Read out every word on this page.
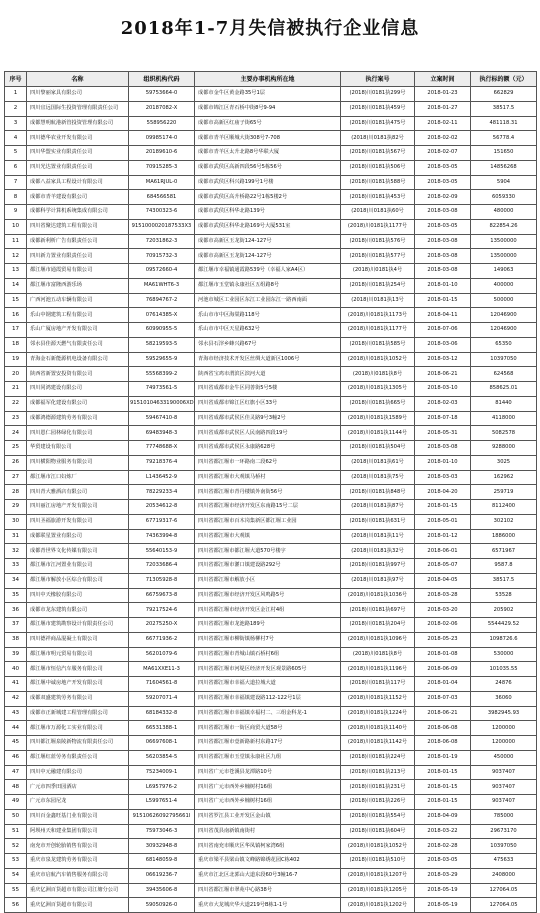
2018年1-7月失信被执行企业信息
序号	名称	组织机构代码	主要办事机构所在地	执行案号	立案时间	执行标的额（元）
1	四川黎丽家具有限公司	59753664-0	成都市金牛区黄金路35号1层	(2018)川0181执299号	2018-01-23	662829
2	四川宜远国际生投资管理有限责任公司	20187082-X	成都市锦江区青石桥中街8号9-94	(2018)川0181执459号	2018-01-27	38517.5
3	成都慧明航港新管投资管理有限公司	558956220	成都市高新区红庙子街65号	(2018)川0181执475号	2018-02-11	481118.31
4	四川德华农业开发有限公司	09985174-0	成都市青羊区顺城大街308号7-708	(2018)川0181执82号	2018-02-02	56778.4
5	四川华盟实业有限责任公司	20189610-6	成都市青羊区太升北路8号华联大厦	(2018)川0181执567号	2018-02-07	151650
6	四川光达置业有限责任公司	70915285-3	成都市武侯区高新四段56号5栋56号	(2018)川0181执506号	2018-03-05	14856268
7	成都八益家具工程设计有限公司	MA61RJUL-0	成都市武侯区科兴路199号1号楼	(2018)川0181执588号	2018-03-05	5904
8	成都市青羊建设有限公司	684566581	成都市武侯区高升桥路22号1栋5楼2号	(2018)川0181执453号	2018-02-09	6059330
9	成都科学计算机系统集成有限公司	74300323-6	成都市武侯区科华北路139号	(2018)川0181执60号	2018-03-08	480000
10	四川省聚达建筑工程有限公司	9151000020187533X3	成都市武侯区科华北路169号大厦531室	(2018)川0181执1177号	2018-03-05	822854.26
11	成都新利析广告有限责任公司	72031862-3	成都市高新区玉龙街124-127号	(2018)川0181执576号	2018-03-08	13500000
12	四川新力置业有限责任公司	70915732-3	成都市高新区玉龙街124-127号	(2018)川0181执577号	2018-03-08	13500000
13	都江堰市通霞贸易有限公司	09572660-4	都江堰市幸福镇通霞路539号（幸福人家A4区）	(2018)川0181执4号	2018-03-08	149063
14	都江堰市富隆西游乐场	MA61WHT6-3	都江堰市玉堂镇永康社区五组路8号	(2018)川0181执254号	2018-01-10	400000
15	广西河池五动车辆有限公司	76894767-2	河池市城区工业园区东江工业园东江一路西南面	(2018)川0181执13号	2018-01-15	500000
16	乐山中钢建筑工程有限公司	07614385-X	乐山市市中区海棠路118号	(2018)川0181执1173号	2018-04-11	12046900
17	乐山广厦房地产开发有限公司	60990955-5	乐山市市中区天星路632号	(2018)川0181执1177号	2018-07-06	12046900
18	邻水县佳源天燃气有限责任公司	58219593-5	邻水县石滓乡蜂兴路67号	(2018)川0181执585号	2018-03-06	65350
19	青海金石新能源机电设备有限公司	59529655-9	青海市经济技术开发区丝绸大道新区1006号	(2018)川0181执1052号	2018-03-12	10397050
20	陕西省新置安投资有限公司	55568399-2	陕西省宝鸡市渭滨区滨河大道	(2018)川0181执8号	2018-06-21	624568
21	四川同鸿建设有限公司	74973561-5	四川省成都市金牛区同善街5号5楼	(2018)川0181执1305号	2018-03-10	858625.01
22	成都福军化建设有限公司	91510104633190006XD	四川省成都市锦江区红旗小区33号	(2018)川0181执665号	2018-02-03	81440
23	成都鸿德源建筑劳务有限公司	59467410-8	四川省成都市武侯区佳灵路9号3幢2号	(2018)川0181执1589号	2018-07-18	4118000
24	四川恩仁园林绿化有限公司	69483948-3	四川省成都市武侯区人民南路四段19号	(2018)川0181执1144号	2018-05-31	5082578
25	华贸建设有限公司	77748688-X	四川省成都市武侯区永康路628号	(2018)川0181执504号	2018-03-08	9288000
26	四川横阳物业服务有限公司	79218376-4	四川省都江堰市一环路南二段62号	(2018)川0181执61号	2018-01-10	3025
27	都江堰市江口妇炼厂	L1436452-9	四川省都江堰市大观镇马桥村	(2018)川0181执75号	2018-03-03	162962
28	四川青大雅酒店有限公司	78229233-4	四川省都江堰市青丹楼镇外南街56号	(2018)川0181执848号	2018-04-20	259719
29	四川丽江房地产开发有限公司	20534612-8	四川省都江堰市经济开发区东南路15号二层	(2018)川0181执87号	2018-01-15	8112400
30	四川圣福旅游开发有限公司	67719317-6	四川省都江堰市百木岗集新区都江堰工业园	(2018)川0181执631号	2018-05-01	302102
31	成都联星置业有限公司	74363994-8	四川省都江堰市大观镇	(2018)川0181执11号	2018-01-12	1886000
32	成都青世界文化传媒有限公司	55640153-9	四川省都江堰市都江堰大道570号楼宇	(2018)川0181执32号	2018-06-01	6571967
33	都江堰市江河置业有限公司	72033686-4	四川省都江堰市灌口镇建设路292号	(2018)川0181执997号	2018-05-07	9587.8
34	都江堰市解放小区综合有限公司	71305928-8	四川省都江堰市解放小区	(2018)川0181执97号	2018-04-05	38517.5
35	四川中天橡胶有限公司	66759673-8	四川省都江堰市经济开发区风鸣路5号	(2018)川0181执1036号	2018-03-28	53528
36	成都市龙东建筑有限公司	79217524-6	四川省都江堰市经济开发区金江村4组	(2018)川0181执697号	2018-03-20	205902
37	都江堰市建筑勘察设计有限责任公司	20275250-X	四川省都江堰市龙池路189号	(2018)川0181执204号	2018-02-06	5544429.52
38	四川德祥商品混凝土有限公司	66771936-2	四川省都江堰市柳街镇杨柳村7号	(2018)川0181执1096号	2018-05-23	1098726.6
39	都江堰市明元贸易有限公司	56201079-6	四川省都江堰市青城山镇石桥村6组	(2018)川0181执8号	2018-01-08	530000
40	都江堰市恒信汽车服务有限公司	MA61XXE11-3	四川省都江堰市河堤区经济开发区观景路605号	(2018)川0181执1196号	2018-06-09	101035.55
41	都江堰中诚房地产开发有限公司	71604561-8	四川省都江堰市幸福大道拉城大道	(2018)川0181执117号	2018-01-04	24876
42	成都双盛建筑劳务有限公司	59207071-4	四川省都江堰市幸福镇建设路112-122号1层	(2018)川0181执1152号	2018-07-03	36060
43	成都市正新城建工程管理有限公司	68184332-8	四川省都江堰市幸福镇幸福村二、三组金科龙-1	(2018)川0181执1224号	2018-06-21	3982945.93
44	都江堰市万源化工实业有限公司	66531388-1	四川省都江堰市一街区商贸大道58号	(2018)川0181执1140号	2018-06-08	1200000
45	四川都江堰泉陵新物流有限责任公司	06697608-1	四川省都江堰市壹新路新村东路17号	(2018)川0181执1142号	2018-06-08	1200000
46	都江堰红蓝劳务有限责任公司	56203854-5	四川省都江堰市玉堂镇永康社区九组	(2018)川0181执224号	2018-01-19	450000
47	四川中元融建有限公司	75234009-1	四川省广元市苍溪县龙潭路10号	(2018)川0181执213号	2018-01-15	9037407
48	广元市四季田园酒店	L6957976-2	四川省广元市西外乡楠树村16组	(2018)川0181执231号	2018-01-15	9037407
49	广元市东园尼龙	L5997651-4	四川省广元市西外乡楠树村16组	(2018)川0181执226号	2018-01-15	9037407
50	四川百金鑫旺基门业有限公司	91510626092795661I	四川省罗江县工业开发区金山镇	(2018)川0181执554号	2018-04-09	785000
51	阿坝州天和建业集团有限公司	75973046-3	四川省茂县南新镇南街村	(2018)川0181执604号	2018-03-22	29673170
52	南充市开创轮胎销售有限公司	30932948-8	四川省南充市顺庆区华凤镇柯家湾6组	(2018)川0181执1052号	2018-02-28	10397050
53	重庆市泉龙建筑劳务有限公司	68148059-8	重庆市梁平县梁山镇文峰路锦绣花园C栋402	(2018)川0181执510号	2018-03-05	475633
54	重庆市启航汽车销售服务有限公司	06619236-7	重庆市江北区北郭山大道东段60号3幢16-7	(2018)川0181执1207号	2018-03-29	2408000
55	重庆亿洲百货超市有限公司江塘分公司	39435606-8	四川省都江堰市翠苑中心路38号	(2018)川0181执1205号	2018-05-19	127064.05
56	重庆亿洲百货超市有限公司	59050926-0	重庆市大龙城庆华大道219号B栋1-1号	(2018)川0181执1202号	2018-05-19	127064.05
